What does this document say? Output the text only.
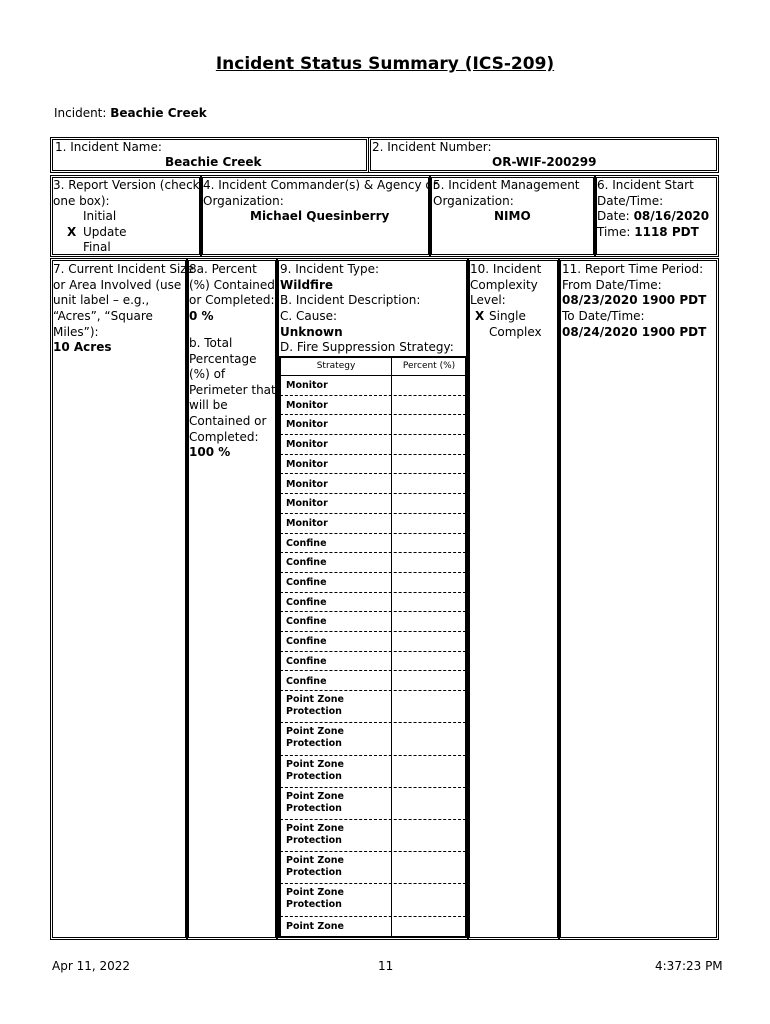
Incident Status Summary (ICS-209)
Incident: Beachie Creek
1. Incident Name:
Beachie Creek
2. Incident Number:
OR-WIF-200299
3. Report Version (check
one box):
Initial
X Update
Final
4. Incident Commander(s) & Agency or
Organization:
Michael Quesinberry
5. Incident Management
Organization:
NIMO
6. Incident Start
Date/Time:
Date: 08/16/2020
Time: 1118 PDT
7. Current Incident Size
or Area Involved (use
unit label – e.g.,
“Acres”, “Square
Miles”):
10 Acres
8a. Percent
(%) Contained
or Completed:
0 %
b. Total
Percentage
(%) of
Perimeter that
will be
Contained or
Completed:
100 %
9. Incident Type:
Wildfire
B. Incident Description:
C. Cause:
Unknown
D. Fire Suppression Strategy:
Strategy	Percent (%)
Monitor
Monitor
Monitor
Monitor
Monitor
Monitor
Monitor
Monitor
Confine
Confine
Confine
Confine
Confine
Confine
Confine
Confine
Point Zone
Protection
Point Zone
Protection
Point Zone
Protection
Point Zone
Protection
Point Zone
Protection
Point Zone
Protection
Point Zone
Protection
Point Zone
10. Incident
Complexity
Level:
X Single
Complex
11. Report Time Period:
From Date/Time:
08/23/2020 1900 PDT
To Date/Time:
08/24/2020 1900 PDT
Apr 11, 2022	11	4:37:23 PM
